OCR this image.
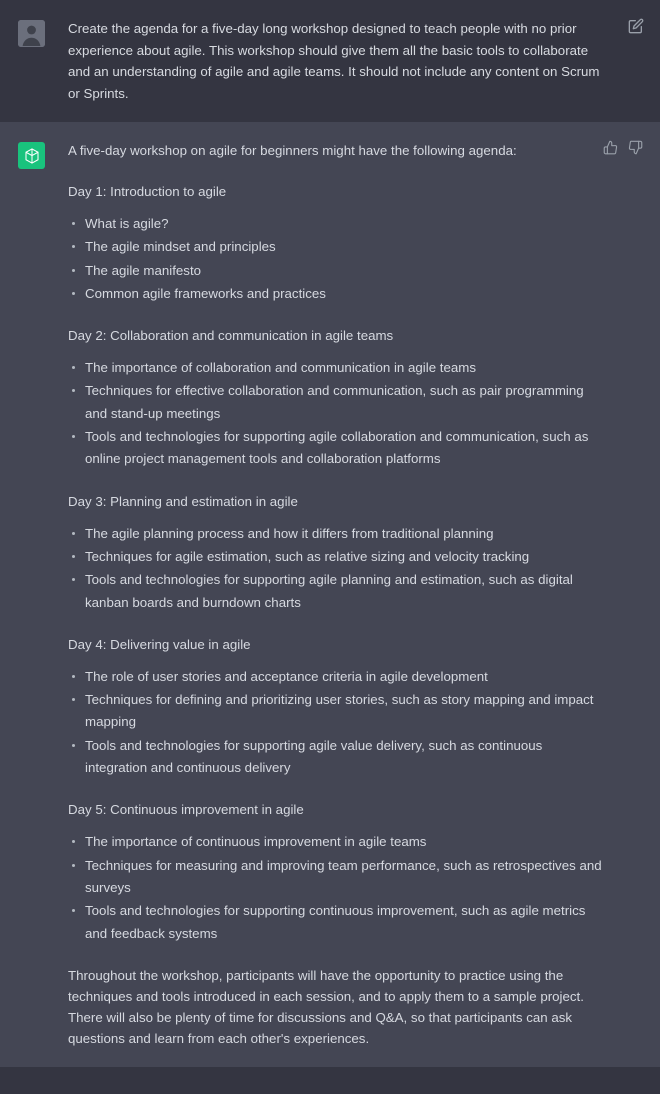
Create the agenda for a five-day long workshop designed to teach people with no prior experience about agile. This workshop should give them all the basic tools to collaborate and an understanding of agile and agile teams. It should not include any content on Scrum or Sprints.

A five-day workshop on agile for beginners might have the following agenda:

Day 1: Introduction to agile

What is agile?
The agile mindset and principles
The agile manifesto
Common agile frameworks and practices

Day 2: Collaboration and communication in agile teams

The importance of collaboration and communication in agile teams
Techniques for effective collaboration and communication, such as pair programming and stand-up meetings
Tools and technologies for supporting agile collaboration and communication, such as online project management tools and collaboration platforms

Day 3: Planning and estimation in agile

The agile planning process and how it differs from traditional planning
Techniques for agile estimation, such as relative sizing and velocity tracking
Tools and technologies for supporting agile planning and estimation, such as digital kanban boards and burndown charts

Day 4: Delivering value in agile

The role of user stories and acceptance criteria in agile development
Techniques for defining and prioritizing user stories, such as story mapping and impact mapping
Tools and technologies for supporting agile value delivery, such as continuous integration and continuous delivery

Day 5: Continuous improvement in agile

The importance of continuous improvement in agile teams
Techniques for measuring and improving team performance, such as retrospectives and surveys
Tools and technologies for supporting continuous improvement, such as agile metrics and feedback systems

Throughout the workshop, participants will have the opportunity to practice using the techniques and tools introduced in each session, and to apply them to a sample project. There will also be plenty of time for discussions and Q&A, so that participants can ask questions and learn from each other's experiences.
